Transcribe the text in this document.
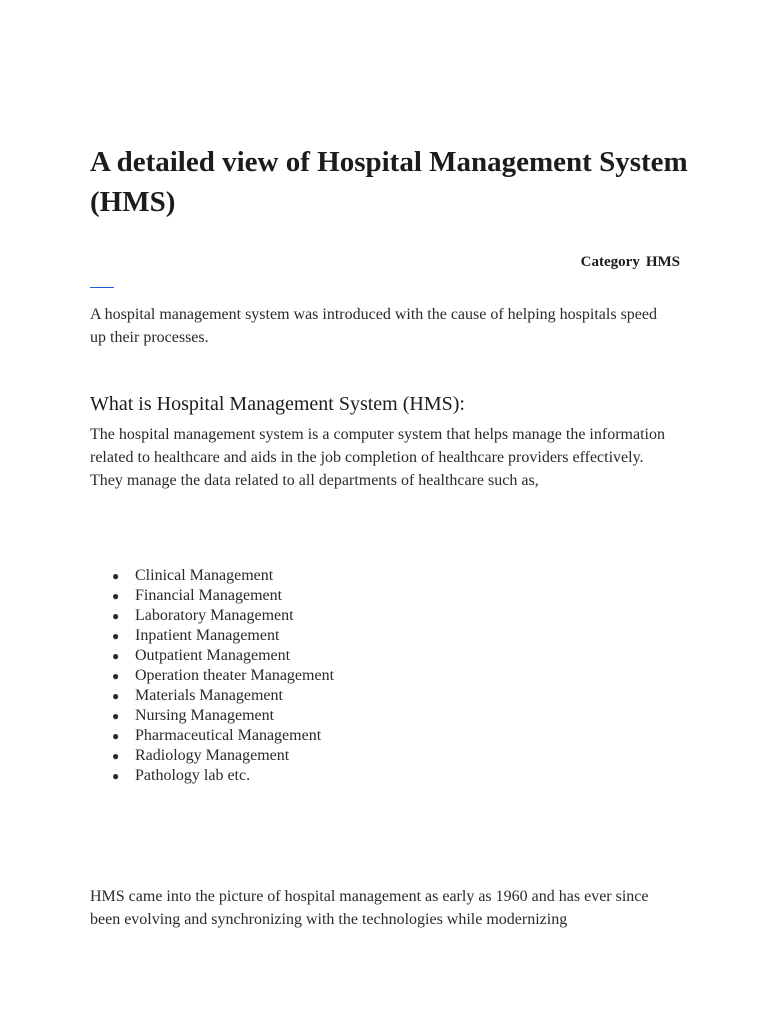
A detailed view of Hospital Management System (HMS)
Category HMS

A hospital management system was introduced with the cause of helping hospitals speed up their processes.

What is Hospital Management System (HMS):

The hospital management system is a computer system that helps manage the information related to healthcare and aids in the job completion of healthcare providers effectively. They manage the data related to all departments of healthcare such as,

● Clinical Management
● Financial Management
● Laboratory Management
● Inpatient Management
● Outpatient Management
● Operation theater Management
● Materials Management
● Nursing Management
● Pharmaceutical Management
● Radiology Management
● Pathology lab etc.

HMS came into the picture of hospital management as early as 1960 and has ever since been evolving and synchronizing with the technologies while modernizing
